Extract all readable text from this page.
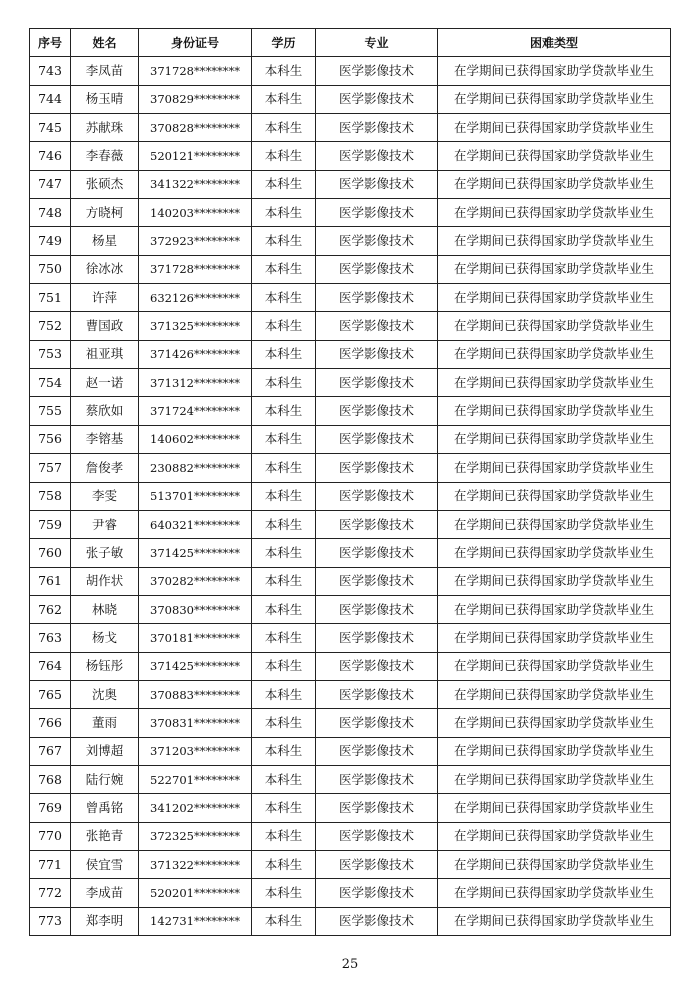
序号	姓名	身份证号	学历	专业	困难类型
743	李凤苗	371728********	本科生	医学影像技术	在学期间已获得国家助学贷款毕业生
744	杨玉晴	370829********	本科生	医学影像技术	在学期间已获得国家助学贷款毕业生
745	苏献珠	370828********	本科生	医学影像技术	在学期间已获得国家助学贷款毕业生
746	李春薇	520121********	本科生	医学影像技术	在学期间已获得国家助学贷款毕业生
747	张硕杰	341322********	本科生	医学影像技术	在学期间已获得国家助学贷款毕业生
748	方晓柯	140203********	本科生	医学影像技术	在学期间已获得国家助学贷款毕业生
749	杨星	372923********	本科生	医学影像技术	在学期间已获得国家助学贷款毕业生
750	徐冰冰	371728********	本科生	医学影像技术	在学期间已获得国家助学贷款毕业生
751	许萍	632126********	本科生	医学影像技术	在学期间已获得国家助学贷款毕业生
752	曹国政	371325********	本科生	医学影像技术	在学期间已获得国家助学贷款毕业生
753	祖亚琪	371426********	本科生	医学影像技术	在学期间已获得国家助学贷款毕业生
754	赵一诺	371312********	本科生	医学影像技术	在学期间已获得国家助学贷款毕业生
755	蔡欣如	371724********	本科生	医学影像技术	在学期间已获得国家助学贷款毕业生
756	李镕基	140602********	本科生	医学影像技术	在学期间已获得国家助学贷款毕业生
757	詹俊孝	230882********	本科生	医学影像技术	在学期间已获得国家助学贷款毕业生
758	李雯	513701********	本科生	医学影像技术	在学期间已获得国家助学贷款毕业生
759	尹睿	640321********	本科生	医学影像技术	在学期间已获得国家助学贷款毕业生
760	张子敏	371425********	本科生	医学影像技术	在学期间已获得国家助学贷款毕业生
761	胡作状	370282********	本科生	医学影像技术	在学期间已获得国家助学贷款毕业生
762	林晓	370830********	本科生	医学影像技术	在学期间已获得国家助学贷款毕业生
763	杨戈	370181********	本科生	医学影像技术	在学期间已获得国家助学贷款毕业生
764	杨钰彤	371425********	本科生	医学影像技术	在学期间已获得国家助学贷款毕业生
765	沈奥	370883********	本科生	医学影像技术	在学期间已获得国家助学贷款毕业生
766	董雨	370831********	本科生	医学影像技术	在学期间已获得国家助学贷款毕业生
767	刘博超	371203********	本科生	医学影像技术	在学期间已获得国家助学贷款毕业生
768	陆行婉	522701********	本科生	医学影像技术	在学期间已获得国家助学贷款毕业生
769	曾禹铭	341202********	本科生	医学影像技术	在学期间已获得国家助学贷款毕业生
770	张艳青	372325********	本科生	医学影像技术	在学期间已获得国家助学贷款毕业生
771	侯宜雪	371322********	本科生	医学影像技术	在学期间已获得国家助学贷款毕业生
772	李成苗	520201********	本科生	医学影像技术	在学期间已获得国家助学贷款毕业生
773	郑李明	142731********	本科生	医学影像技术	在学期间已获得国家助学贷款毕业生
25
